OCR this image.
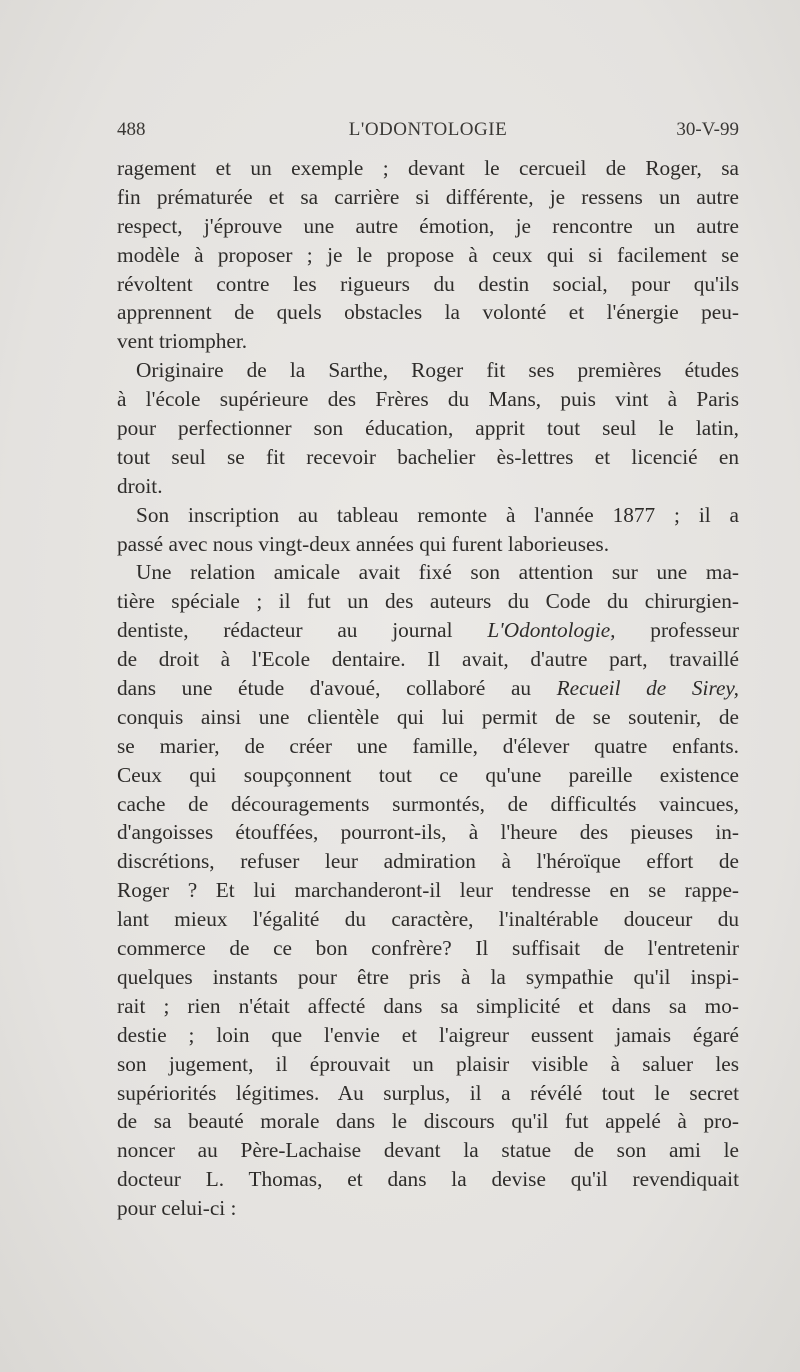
488	L'ODONTOLOGIE	30-V-99
ragement et un exemple ; devant le cercueil de Roger, sa
fin prématurée et sa carrière si différente, je ressens un autre
respect, j'éprouve une autre émotion, je rencontre un autre
modèle à proposer ; je le propose à ceux qui si facilement se
révoltent contre les rigueurs du destin social, pour qu'ils
apprennent de quels obstacles la volonté et l'énergie peu-
vent triompher.
Originaire de la Sarthe, Roger fit ses premières études
à l'école supérieure des Frères du Mans, puis vint à Paris
pour perfectionner son éducation, apprit tout seul le latin,
tout seul se fit recevoir bachelier ès-lettres et licencié en
droit.
Son inscription au tableau remonte à l'année 1877 ; il a
passé avec nous vingt-deux années qui furent laborieuses.
Une relation amicale avait fixé son attention sur une ma-
tière spéciale ; il fut un des auteurs du Code du chirurgien-
dentiste, rédacteur au journal L'Odontologie, professeur
de droit à l'Ecole dentaire. Il avait, d'autre part, travaillé
dans une étude d'avoué, collaboré au Recueil de Sirey,
conquis ainsi une clientèle qui lui permit de se soutenir, de
se marier, de créer une famille, d'élever quatre enfants.
Ceux qui soupçonnent tout ce qu'une pareille existence
cache de découragements surmontés, de difficultés vaincues,
d'angoisses étouffées, pourront-ils, à l'heure des pieuses in-
discrétions, refuser leur admiration à l'héroïque effort de
Roger ? Et lui marchanderont-il leur tendresse en se rappe-
lant mieux l'égalité du caractère, l'inaltérable douceur du
commerce de ce bon confrère? Il suffisait de l'entretenir
quelques instants pour être pris à la sympathie qu'il inspi-
rait ; rien n'était affecté dans sa simplicité et dans sa mo-
destie ; loin que l'envie et l'aigreur eussent jamais égaré
son jugement, il éprouvait un plaisir visible à saluer les
supériorités légitimes. Au surplus, il a révélé tout le secret
de sa beauté morale dans le discours qu'il fut appelé à pro-
noncer au Père-Lachaise devant la statue de son ami le
docteur L. Thomas, et dans la devise qu'il revendiquait
pour celui-ci :
